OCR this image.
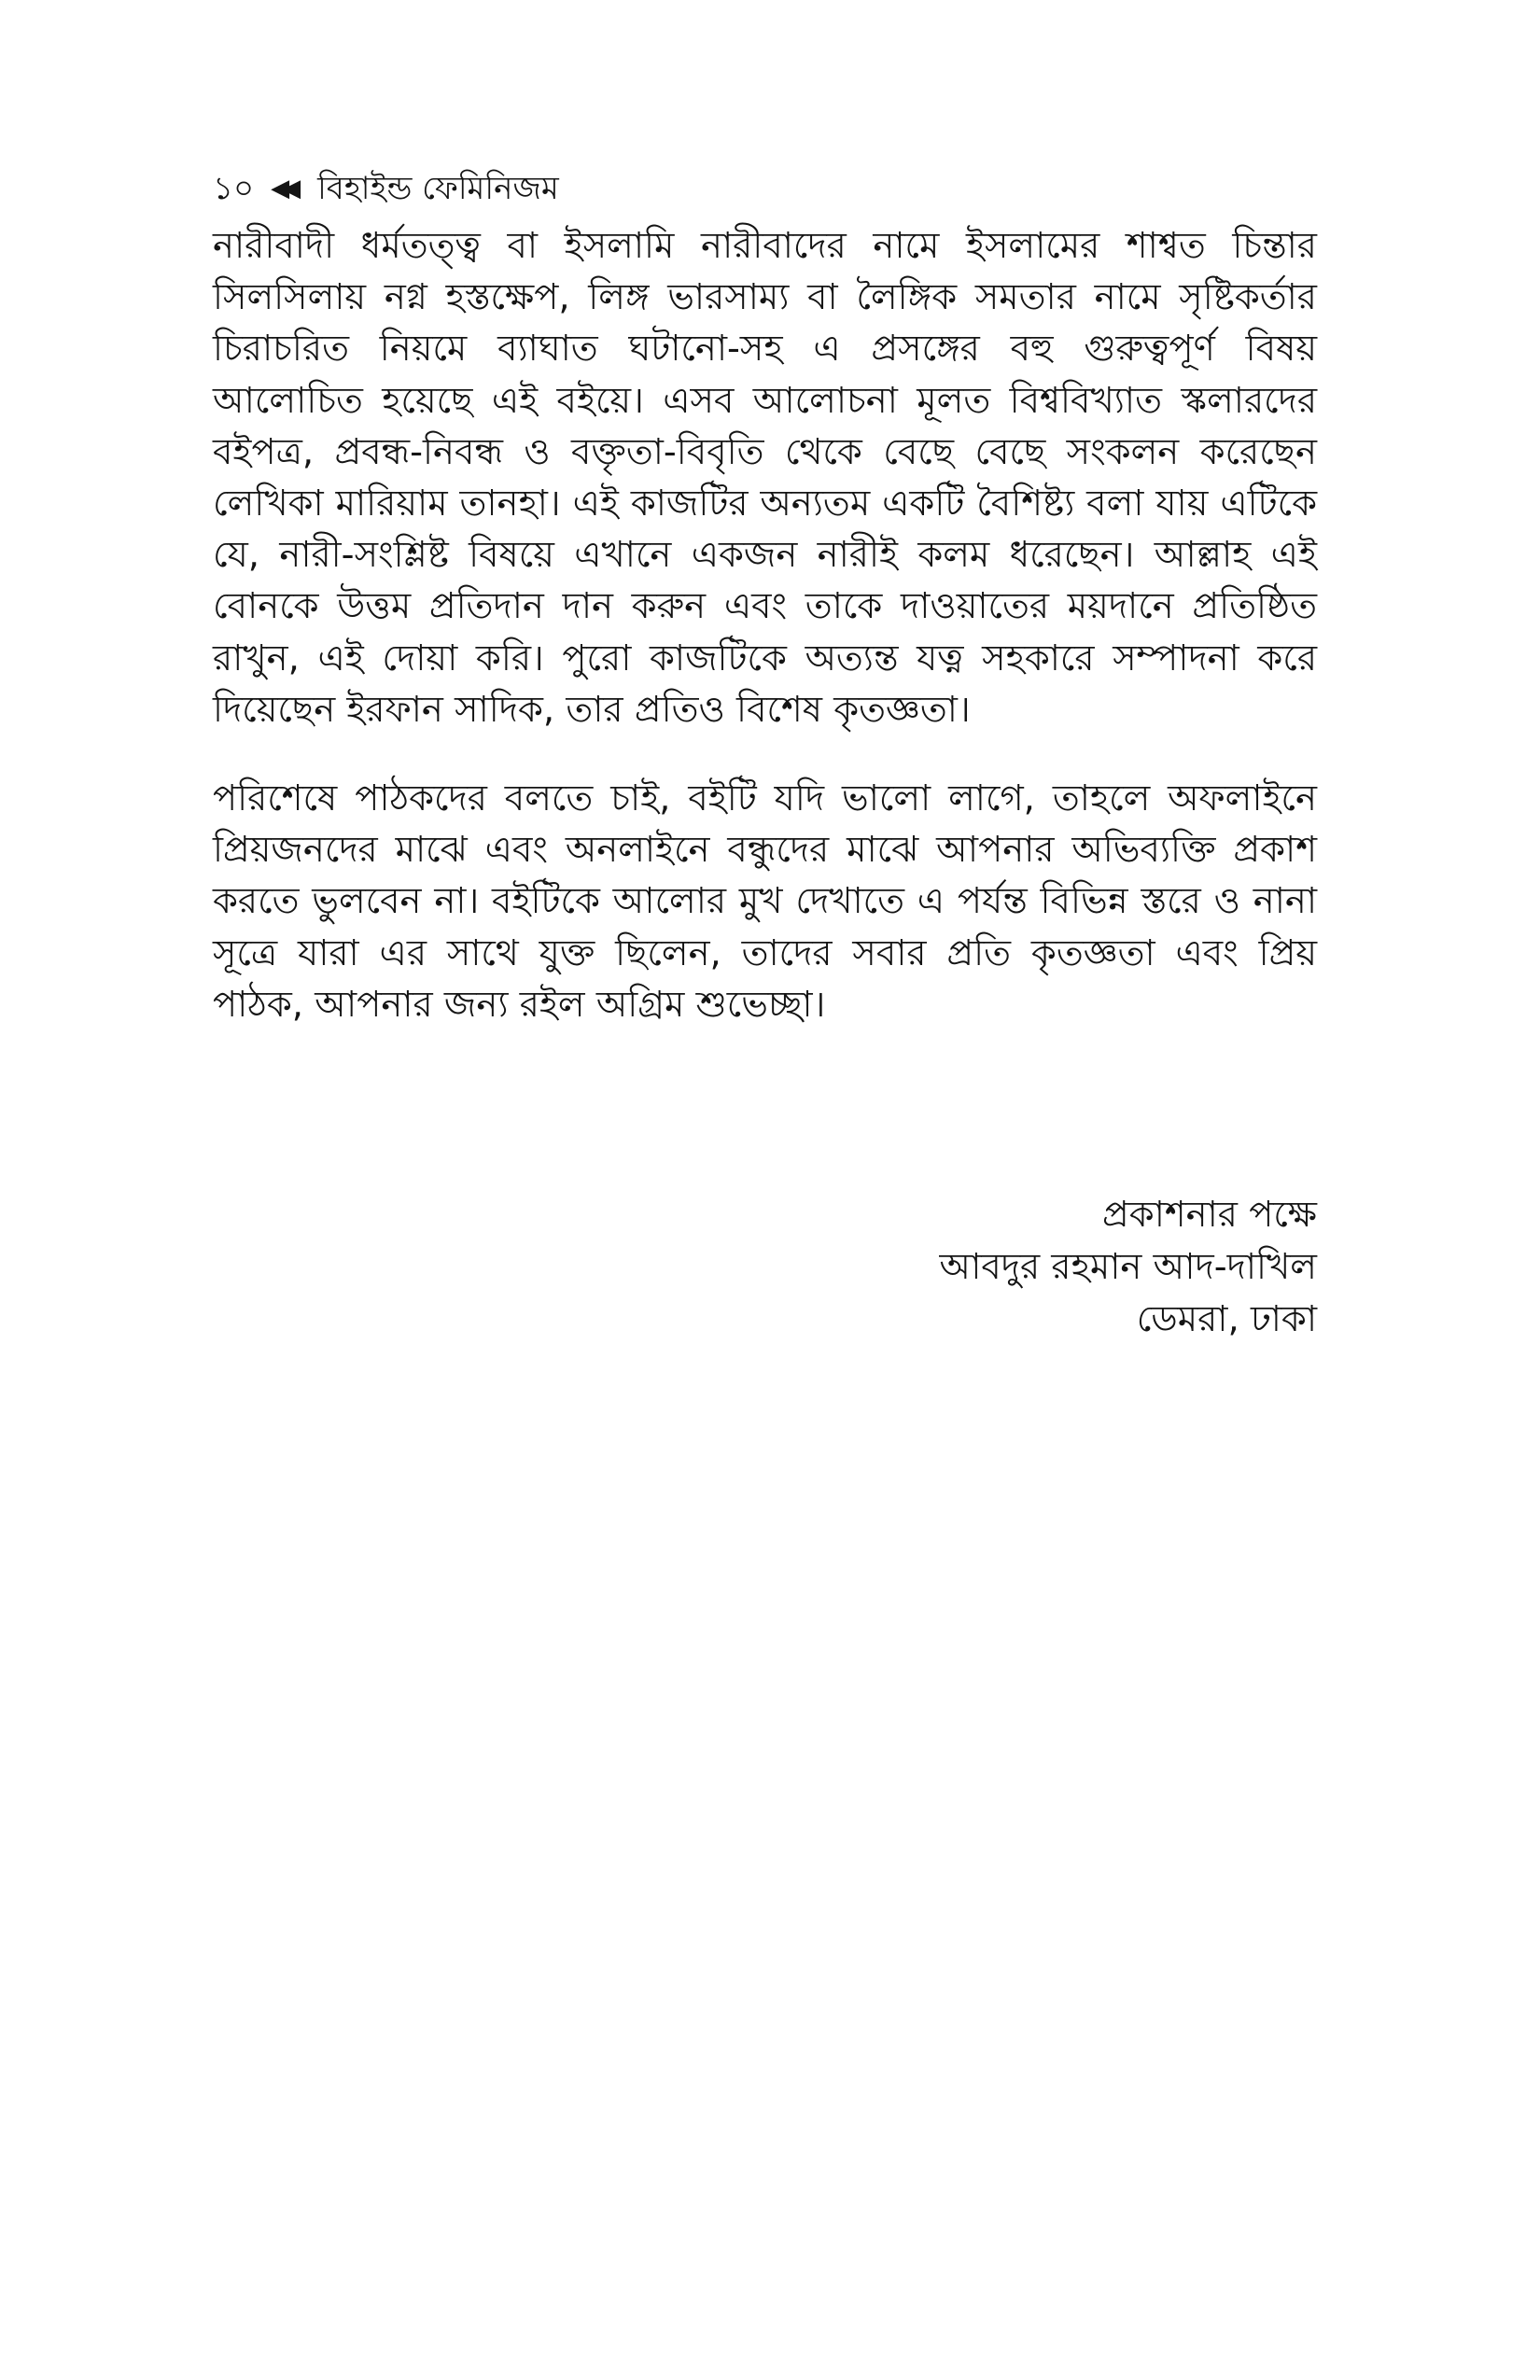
১০ ◀◀ বিহাইন্ড ফেমিনিজম

নারীবাদী ধর্মতত্ত্ব বা ইসলামি নারীবাদের নামে ইসলামের শাশ্বত চিন্তার সিলসিলায় নগ্ন হস্তক্ষেপ, লিঙ্গ ভারসাম্য বা লৈঙ্গিক সমতার নামে সৃষ্টিকর্তার চিরাচরিত নিয়মে ব্যাঘাত ঘটানো-সহ এ প্রসঙ্গের বহু গুরুত্বপূর্ণ বিষয় আলোচিত হয়েছে এই বইয়ে। এসব আলোচনা মূলত বিশ্ববিখ্যাত স্কলারদের বইপত্র, প্রবন্ধ-নিবন্ধ ও বক্তৃতা-বিবৃতি থেকে বেছে বেছে সংকলন করেছেন লেখিকা মারিয়াম তানহা। এই কাজটির অন্যতম একটি বৈশিষ্ট্য বলা যায় এটিকে যে, নারী-সংশ্লিষ্ট বিষয়ে এখানে একজন নারীই কলম ধরেছেন। আল্লাহ এই বোনকে উত্তম প্রতিদান দান করুন এবং তাকে দাওয়াতের ময়দানে প্রতিষ্ঠিত রাখুন, এই দোয়া করি। পুরো কাজটিকে অত্যন্ত যত্ন সহকারে সম্পাদনা করে দিয়েছেন ইরফান সাদিক, তার প্রতিও বিশেষ কৃতজ্ঞতা।

পরিশেষে পাঠকদের বলতে চাই, বইটি যদি ভালো লাগে, তাহলে অফলাইনে প্রিয়জনদের মাঝে এবং অনলাইনে বন্ধুদের মাঝে আপনার অভিব্যক্তি প্রকাশ করতে ভুলবেন না। বইটিকে আলোর মুখ দেখাতে এ পর্যন্ত বিভিন্ন স্তরে ও নানা সূত্রে যারা এর সাথে যুক্ত ছিলেন, তাদের সবার প্রতি কৃতজ্ঞতা এবং প্রিয় পাঠক, আপনার জন্য রইল অগ্রিম শুভেচ্ছা।

প্রকাশনার পক্ষে
আবদুর রহমান আদ-দাখিল
ডেমরা, ঢাকা
